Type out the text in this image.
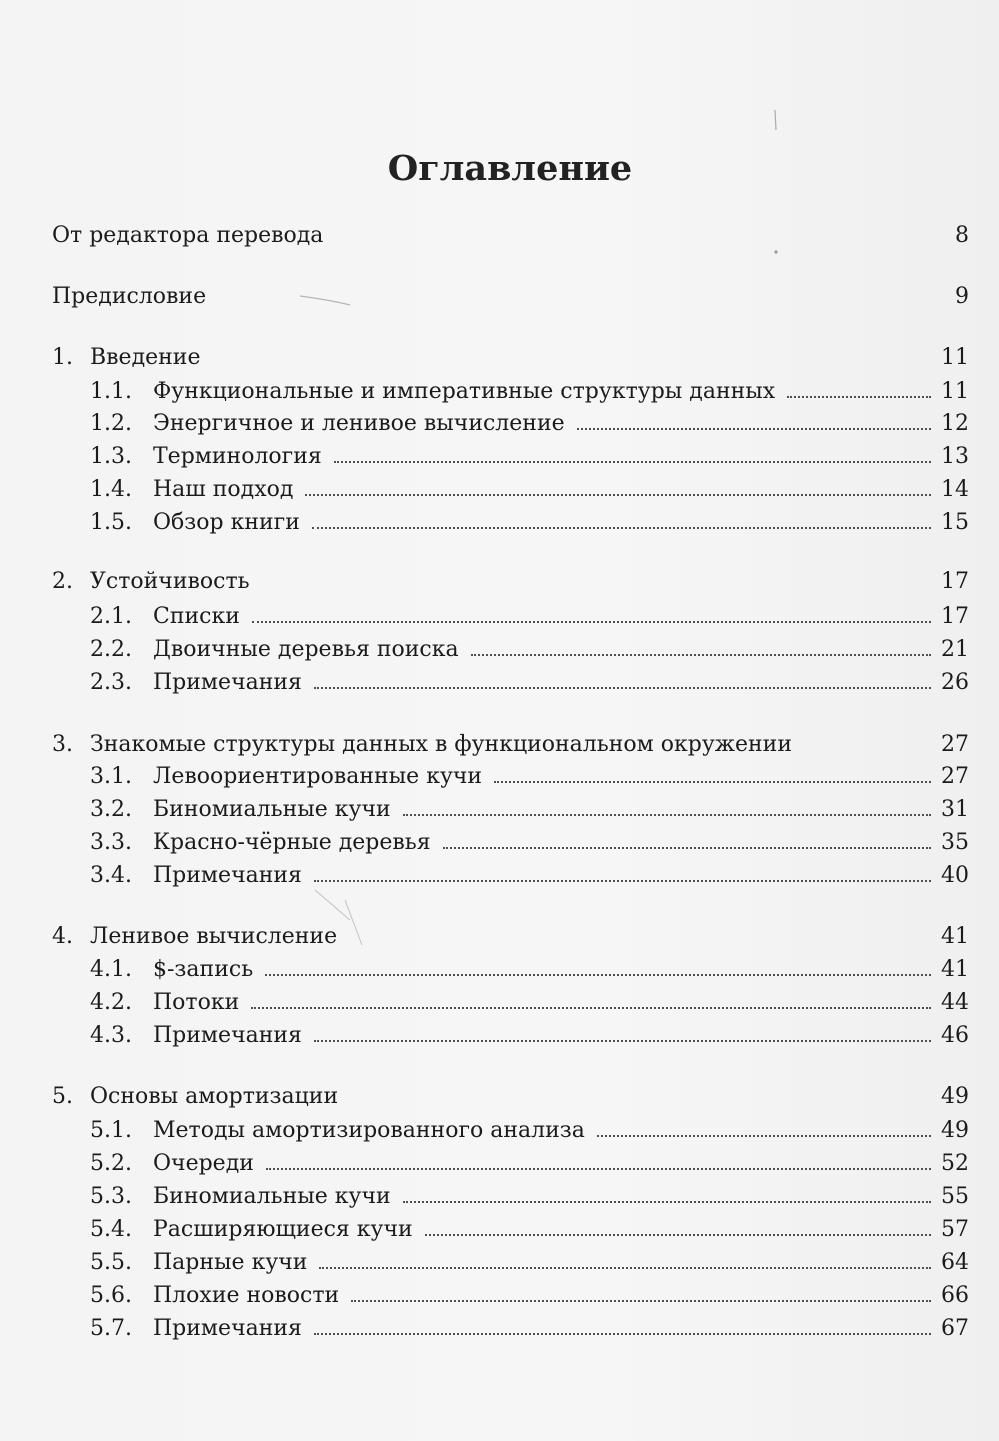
Оглавление
От редактора перевода	8
Предисловие	9
1. Введение	11
1.1. Функциональные и императивные структуры данных	11
1.2. Энергичное и ленивое вычисление	12
1.3. Терминология	13
1.4. Наш подход	14
1.5. Обзор книги	15
2. Устойчивость	17
2.1. Списки	17
2.2. Двоичные деревья поиска	21
2.3. Примечания	26
3. Знакомые структуры данных в функциональном окружении	27
3.1. Левоориентированные кучи	27
3.2. Биномиальные кучи	31
3.3. Красно-чёрные деревья	35
3.4. Примечания	40
4. Ленивое вычисление	41
4.1. $-запись	41
4.2. Потоки	44
4.3. Примечания	46
5. Основы амортизации	49
5.1. Методы амортизированного анализа	49
5.2. Очереди	52
5.3. Биномиальные кучи	55
5.4. Расширяющиеся кучи	57
5.5. Парные кучи	64
5.6. Плохие новости	66
5.7. Примечания	67
